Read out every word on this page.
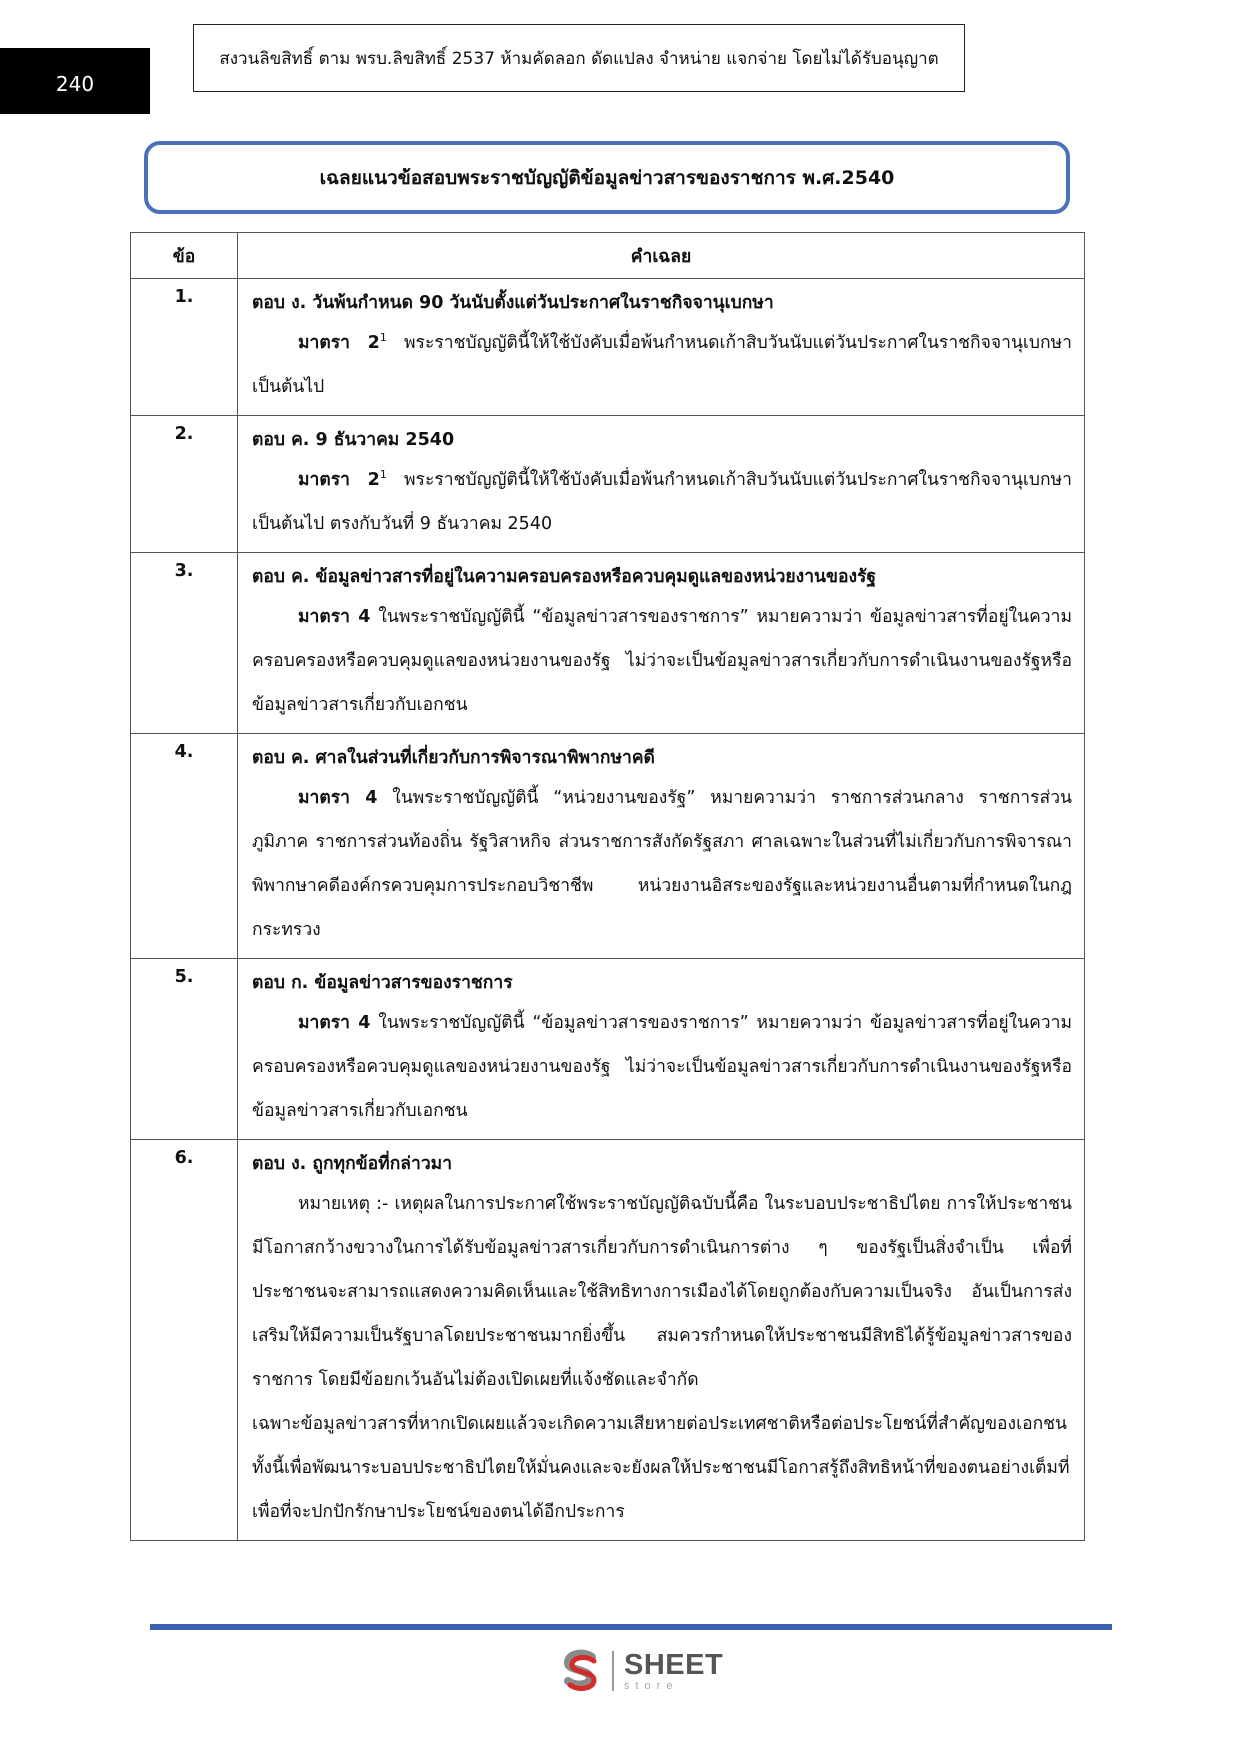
240
สงวนลิขสิทธิ์ ตาม พรบ.ลิขสิทธิ์ 2537 ห้ามคัดลอก ดัดแปลง จำหน่าย แจกจ่าย โดยไม่ได้รับอนุญาต
เฉลยแนวข้อสอบพระราชบัญญัติข้อมูลข่าวสารของราชการ พ.ศ.2540
ข้อ	คำเฉลย
1.	ตอบ ง. วันพ้นกำหนด 90 วันนับตั้งแต่วันประกาศในราชกิจจานุเบกษา
มาตรา $2^1$ พระราชบัญญัตินี้ให้ใช้บังคับเมื่อพ้นกำหนดเก้าสิบวันนับแต่วันประกาศในราชกิจจานุเบกษาเป็นต้นไป

2.	ตอบ ค. 9 ธันวาคม 2540
มาตรา $2^1$ พระราชบัญญัตินี้ให้ใช้บังคับเมื่อพ้นกำหนดเก้าสิบวันนับแต่วันประกาศในราชกิจจานุเบกษาเป็นต้นไป ตรงกับวันที่ 9 ธันวาคม 2540

3.	ตอบ ค. ข้อมูลข่าวสารที่อยู่ในความครอบครองหรือควบคุมดูแลของหน่วยงานของรัฐ
มาตรา 4 ในพระราชบัญญัตินี้ “ข้อมูลข่าวสารของราชการ” หมายความว่า ข้อมูลข่าวสารที่อยู่ในความครอบครองหรือควบคุมดูแลของหน่วยงานของรัฐ ไม่ว่าจะเป็นข้อมูลข่าวสารเกี่ยวกับการดำเนินงานของรัฐหรือข้อมูลข่าวสารเกี่ยวกับเอกชน

4.	ตอบ ค. ศาลในส่วนที่เกี่ยวกับการพิจารณาพิพากษาคดี
มาตรา 4 ในพระราชบัญญัตินี้ “หน่วยงานของรัฐ” หมายความว่า ราชการส่วนกลาง ราชการส่วนภูมิภาค ราชการส่วนท้องถิ่น รัฐวิสาหกิจ ส่วนราชการสังกัดรัฐสภา ศาลเฉพาะในส่วนที่ไม่เกี่ยวกับการพิจารณาพิพากษาคดีองค์กรควบคุมการประกอบวิชาชีพ หน่วยงานอิสระของรัฐและหน่วยงานอื่นตามที่กำหนดในกฎกระทรวง

5.	ตอบ ก. ข้อมูลข่าวสารของราชการ
มาตรา 4 ในพระราชบัญญัตินี้ “ข้อมูลข่าวสารของราชการ” หมายความว่า ข้อมูลข่าวสารที่อยู่ในความครอบครองหรือควบคุมดูแลของหน่วยงานของรัฐ ไม่ว่าจะเป็นข้อมูลข่าวสารเกี่ยวกับการดำเนินงานของรัฐหรือข้อมูลข่าวสารเกี่ยวกับเอกชน

6.	ตอบ ง. ถูกทุกข้อที่กล่าวมา
หมายเหตุ :- เหตุผลในการประกาศใช้พระราชบัญญัติฉบับนี้คือ ในระบอบประชาธิปไตย การให้ประชาชนมีโอกาสกว้างขวางในการได้รับข้อมูลข่าวสารเกี่ยวกับการดำเนินการต่าง ๆ ของรัฐเป็นสิ่งจำเป็น เพื่อที่ประชาชนจะสามารถแสดงความคิดเห็นและใช้สิทธิทางการเมืองได้โดยถูกต้องกับความเป็นจริง อันเป็นการส่งเสริมให้มีความเป็นรัฐบาลโดยประชาชนมากยิ่งขึ้น สมควรกำหนดให้ประชาชนมีสิทธิได้รู้ข้อมูลข่าวสารของราชการ โดยมีข้อยกเว้นอันไม่ต้องเปิดเผยที่แจ้งชัดและจำกัด
เฉพาะข้อมูลข่าวสารที่หากเปิดเผยแล้วจะเกิดความเสียหายต่อประเทศชาติหรือต่อประโยชน์ที่สำคัญของเอกชน ทั้งนี้เพื่อพัฒนาระบอบประชาธิปไตยให้มั่นคงและจะยังผลให้ประชาชนมีโอกาสรู้ถึงสิทธิหน้าที่ของตนอย่างเต็มที่ เพื่อที่จะปกปักรักษาประโยชน์ของตนได้อีกประการ
SHEET
store
